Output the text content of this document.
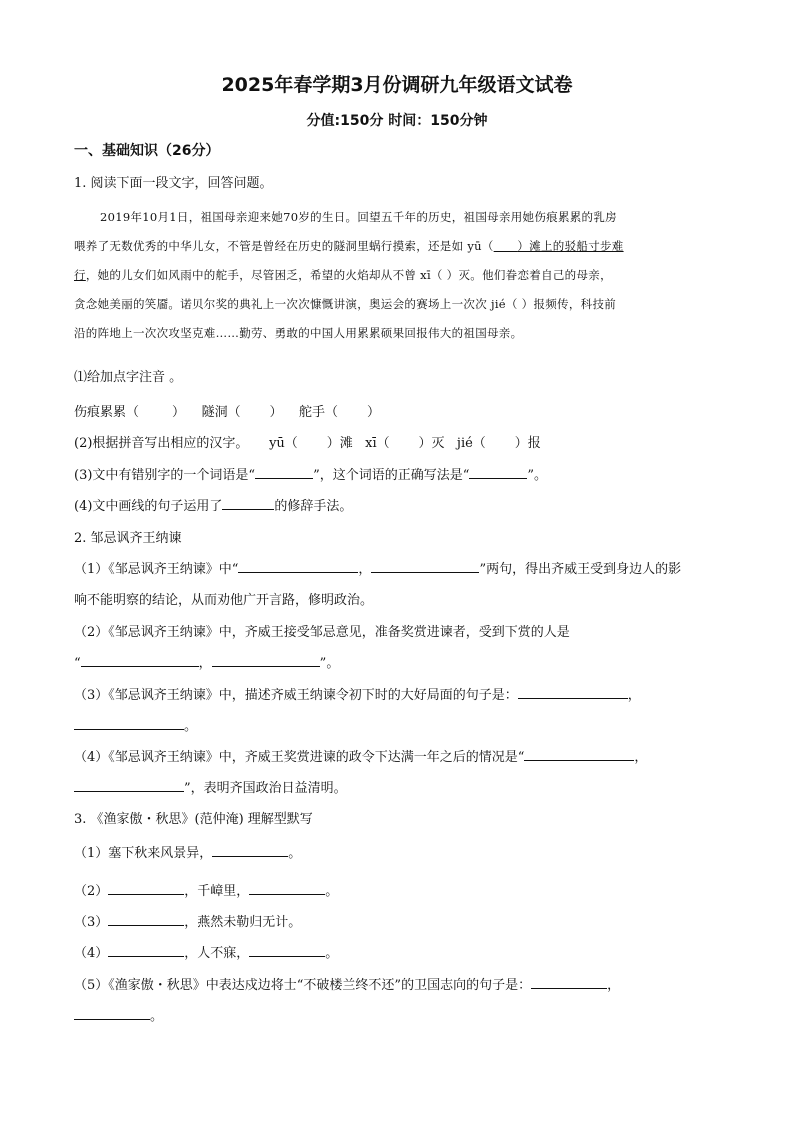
2025年春学期3月份调研九年级语文试卷
分值:150分 时间：150分钟
一、基础知识（26分）
1. 阅读下面一段文字，回答问题。
2019年10月1日，祖国母亲迎来她70岁的生日。回望五千年的历史，祖国母亲用她伤痕累累的乳房
喂养了无数优秀的中华儿女，不管是曾经在历史的隧洞里蜗行摸索，还是如 yū（ ）滩上的驳船寸步难
行，她的儿女们如风雨中的舵手，尽管困乏，希望的火焰却从不曾 xī（ ）灭。他们眷恋着自己的母亲，
贪念她美丽的笑靥。诺贝尔奖的典礼上一次次慷慨讲演，奥运会的赛场上一次次 jié（ ）报频传，科技前
沿的阵地上一次次攻坚克难……勤劳、勇敢的中国人用累累硕果回报伟大的祖国母亲。
⑴给加点字注音 。
伤痕累累（        ）    隧洞（       ）    舵手（       ）
(2)根据拼音写出相应的汉字。     yū（       ）滩   xī（       ）灭   jié（       ）报
(3)文中有错别字的一个词语是“	”，这个词语的正确写法是“	”。
(4)文中画线的句子运用了	的修辞手法。
2. 邹忌讽齐王纳谏
（1）《邹忌讽齐王纳谏》中“	，	”两句，得出齐威王受到身边人的影
响不能明察的结论，从而劝他广开言路，修明政治。
（2）《邹忌讽齐王纳谏》中，齐威王接受邹忌意见，准备奖赏进谏者，受到下赏的人是
“	，	”。
（3）《邹忌讽齐王纳谏》中，描述齐威王纳谏令初下时的大好局面的句子是：	，
。
（4）《邹忌讽齐王纳谏》中，齐威王奖赏进谏的政令下达满一年之后的情况是“	，
”，表明齐国政治日益清明。
3. 《渔家傲・秋思》(范仲淹) 理解型默写
（1）塞下秋来风景异，	。
（2）	，千嶂里，	。
（3）	，燕然未勒归无计。
（4）	，人不寐，	。
（5）《渔家傲・秋思》中表达戍边将士“不破楼兰终不还”的卫国志向的句子是：	，
。
